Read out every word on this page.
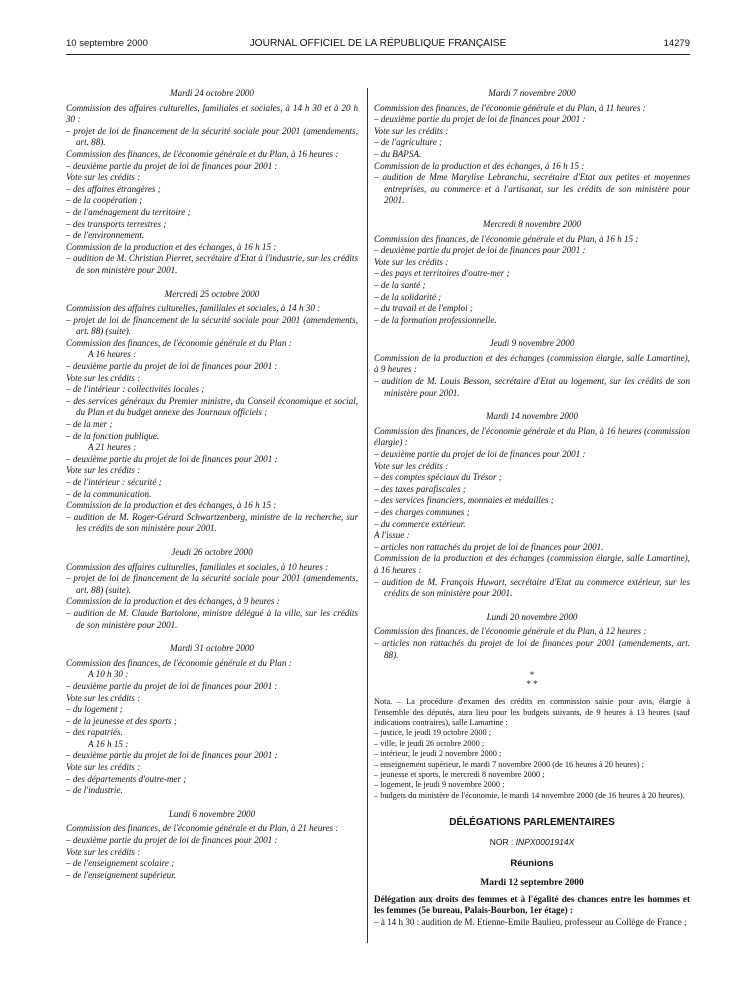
10 septembre 2000	JOURNAL OFFICIEL DE LA RÉPUBLIQUE FRANÇAISE	14279
Mardi 24 octobre 2000
Commission des affaires culturelles, familiales et sociales, à 14 h 30 et à 20 h 30 :
– projet de loi de financement de la sécurité sociale pour 2001 (amendements, art. 88).
Commission des finances, de l'économie générale et du Plan, à 16 heures :
– deuxième partie du projet de loi de finances pour 2001 :
Vote sur les crédits :
– des affaires étrangères ;
– de la coopération ;
– de l'aménagement du territoire ;
– des transports terrestres ;
– de l'environnement.
Commission de la production et des échanges, à 16 h 15 :
– audition de M. Christian Pierret, secrétaire d'Etat à l'industrie, sur les crédits de son ministère pour 2001.
Mercredi 25 octobre 2000
Commission des affaires culturelles, familiales et sociales, à 14 h 30 :
– projet de loi de financement de la sécurité sociale pour 2001 (amendements, art. 88) (suite).
Commission des finances, de l'économie générale et du Plan :
A 16 heures :
– deuxième partie du projet de loi de finances pour 2001 :
Vote sur les crédits :
– de l'intérieur : collectivités locales ;
– des services généraux du Premier ministre, du Conseil économique et social, du Plan et du budget annexe des Journaux officiels ;
– de la mer ;
– de la fonction publique.
A 21 heures :
– deuxième partie du projet de loi de finances pour 2001 :
Vote sur les crédits :
– de l'intérieur : sécurité ;
– de la communication.
Commission de la production et des échanges, à 16 h 15 :
– audition de M. Roger-Gérard Schwartzenberg, ministre de la recherche, sur les crédits de son ministère pour 2001.
Jeudi 26 octobre 2000
Commission des affaires culturelles, familiales et sociales, à 10 heures :
– projet de loi de financement de la sécurité sociale pour 2001 (amendements, art. 88) (suite).
Commission de la production et des échanges, à 9 heures :
– audition de M. Claude Bartolone, ministre délégué à la ville, sur les crédits de son ministère pour 2001.
Mardi 31 octobre 2000
Commission des finances, de l'économie générale et du Plan :
A 10 h 30 :
– deuxième partie du projet de loi de finances pour 2001 :
Vote sur les crédits :
– du logement ;
– de la jeunesse et des sports ;
– des rapatriés.
A 16 h 15 :
– deuxième partie du projet de loi de finances pour 2001 :
Vote sur les crédits :
– des départements d'outre-mer ;
– de l'industrie.
Lundi 6 novembre 2000
Commission des finances, de l'économie générale et du Plan, à 21 heures :
– deuxième partie du projet de loi de finances pour 2001 :
Vote sur les crédits :
– de l'enseignement scolaire ;
– de l'enseignement supérieur.
Mardi 7 novembre 2000
Commission des finances, de l'économie générale et du Plan, à 11 heures :
– deuxième partie du projet de loi de finances pour 2001 :
Vote sur les crédits :
– de l'agriculture ;
– du BAPSA.
Commission de la production et des échanges, à 16 h 15 :
– audition de Mme Marylise Lebranchu, secrétaire d'Etat aux petites et moyennes entreprises, au commerce et à l'artisanat, sur les crédits de son ministère pour 2001.
Mercredi 8 novembre 2000
Commission des finances, de l'économie générale et du Plan, à 16 h 15 :
– deuxième partie du projet de loi de finances pour 2001 :
Vote sur les crédits :
– des pays et territoires d'outre-mer ;
– de la santé ;
– de la solidarité ;
– du travail et de l'emploi ;
– de la formation professionnelle.
Jeudi 9 novembre 2000
Commission de la production et des échanges (commission élargie, salle Lamartine), à 9 heures :
– audition de M. Louis Besson, secrétaire d'Etat au logement, sur les crédits de son ministère pour 2001.
Mardi 14 novembre 2000
Commission des finances, de l'économie générale et du Plan, à 16 heures (commission élargie) :
– deuxième partie du projet de loi de finances pour 2001 :
Vote sur les crédits :
– des comptes spéciaux du Trésor ;
– des taxes parafiscales ;
– des services financiers, monnaies et médailles ;
– des charges communes ;
– du commerce extérieur.
A l'issue :
– articles non rattachés du projet de loi de finances pour 2001.
Commission de la production et des échanges (commission élargie, salle Lamartine), à 16 heures :
– audition de M. François Huwart, secrétaire d'Etat au commerce extérieur, sur les crédits de son ministère pour 2001.
Lundi 20 novembre 2000
Commission des finances, de l'économie générale et du Plan, à 12 heures :
– articles non rattachés du projet de loi de finances pour 2001 (amendements, art. 88).
*
* *
Nota. – La procédure d'examen des crédits en commission saisie pour avis, élargie à l'ensemble des députés, aura lieu pour les budgets suivants, de 9 heures à 13 heures (sauf indications contraires), salle Lamartine :
– justice, le jeudi 19 octobre 2000 ;
– ville, le jeudi 26 octobre 2000 ;
– intérieur, le jeudi 2 novembre 2000 ;
– enseignement supérieur, le mardi 7 novembre 2000 (de 16 heures à 20 heures) ;
– jeunesse et sports, le mercredi 8 novembre 2000 ;
– logement, le jeudi 9 novembre 2000 ;
– budgets du ministère de l'économie, le mardi 14 novembre 2000 (de 16 heures à 20 heures).
DÉLÉGATIONS PARLEMENTAIRES
NOR : INPX0001914X
Réunions
Mardi 12 septembre 2000
Délégation aux droits des femmes et à l'égalité des chances entre les hommes et les femmes (5e bureau, Palais-Bourbon, 1er étage) :
– à 14 h 30 : audition de M. Etienne-Emile Baulieu, professeur au Collège de France ;
